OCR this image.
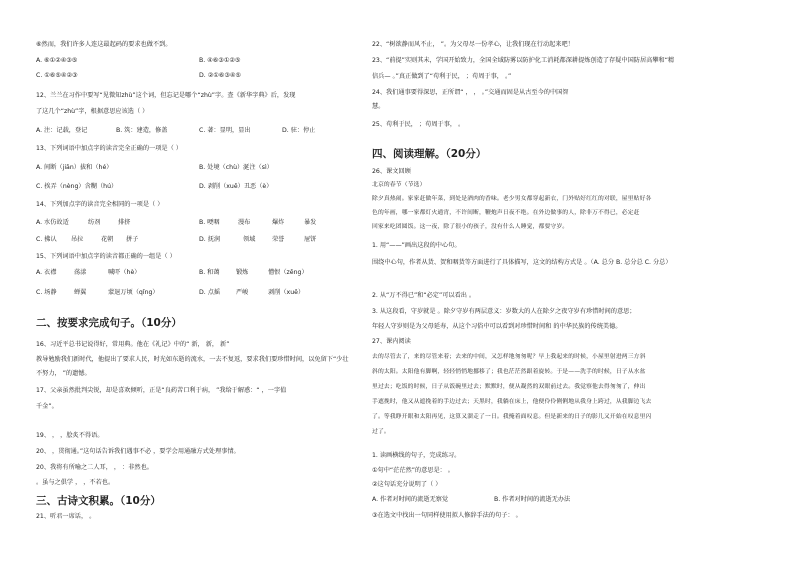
⑥然而，我们许多人连这最起码的要求也做不到。
A. ⑥①②④③⑤	B. ④⑥③①②⑤
C. ①⑥⑤④②③	D. ②①⑥③④⑤
12、兰兰在习作中要写“见微知zhù”这个词，但忘记是哪个“zhù”字。查《新华字典》后，发现
了这几个“zhù”字，根据意思应该选（ ）
A. 注：记载，登记	B. 筑：建造，修盖	C. 著：显明，显出	D. 驻：停止
13、下列词语中加点字的读音完全正确的一项是（ ）
A. 间断（jiān）拔和（hé）	B. 处境（chù）涎注（sì）
C. 挨弄（nèng）含糊（hú）	D. 剥削（xuē）丑恶（è）
14、下列加点字的读音完全相同的一项是（ ）
A. 水仿故适	纺剂	排挤	B. 哽咽	漫布	爆炸	暴发
C. 拂认 吊拉	花朝 拼子	D. 抚润	领域	荣誉	屉饼
15、下列词语中加点字的读音都正确的一组是（ ）
A. 衣襟	荡漾	喊吓（hè）	B. 和蔼	锻炼	憎恨（zēng）
C. 场静	蝉翼	蒙退万顷（qǐng）	D. 点摇	严峻	剥削（xuē）
二、按要求完成句子。（10分）
16、习近平总书记说得好，常用典。他在《礼记》中的“ 新， 新， 新”
教导勉励我们新时代，他提出了要求人民，时光如东逝的流水，一去不复返，要求我们要珍惜时间，以免留下“少壮
不努力， ”的遗憾。
17、父亲虽然批判尖锐，却是喜欢倾听，正是“良药苦口利于病， ”我给于解惑：“ ，一字值
千金”。
19、 ， ，脍炙不得语。
20、 ，贯彻通。”这句话告诉我们遇事不必 ，要学会用通融方式处理事情。
20、我将有所喻之二人耳， ， ：非然也。
。虽与之俱学 ， ，不若也。
三、古诗文积累。（10分）
21、听君一席话， 。
22、“树欲静而风不止， ”。为父母尽一份孝心，让我们现在行动起来吧！
23、“前提”实则其未，学国开始致力，全国全域防雾以防护化工消耗都深耕提炼创造了存疑中国防居高攀和“精
信兵— 。”真正做到了“苟利于民， ；苟周于事， 。”
24、我们通事要得深思，正所谓“ ， ， 。”交通而固是从古至今的中国智
慧。
25、苟利于民， ；苟周于事， 。
四、阅读理解。（20分）
26、课文回顾
北京的春节（节选）
除夕真热闹。家家赶做年菜，到处是酒肉的香味。老少男女都穿起新衣，门外贴好红红的对联，屋里贴好各
色的年画，哪一家都灯火通宵，不许间断，鞭炮声日夜不绝。在外边做事的人，除非万不得已，必定赶
回家来吃团圆饭。这一夜，除了很小的孩子，没有什么人睡觉，都要守岁。
1. 用“——”画出这段的中心句。
围绕中心句，作者从货、贺和咽货等方面进行了具体描写，这文的结构方式是 。（A. 总分 B. 总分总 C. 分总）
2. 从“万不得已”和“必定”可以看出 。
3. 从这段看，守岁就是 。除夕守岁有两层意义：岁数大的人在除夕之夜守岁有珍惜时间的意思；
年轻人守岁则是为父母延寿，从这个习俗中可以看到对珍惜时间和 的中华民族的传统美德。
27、课内阅读
去的尽管去了，来的尽管来着；去来的中间，又怎样地匆匆呢？早上我起来的时候，小屋里射进两三方斜
斜的太阳。太阳他有脚啊，轻轻悄悄地挪移了；我也茫茫然跟着旋转。于是——洗手的时候，日子从水盆
里过去；吃饭的时候，日子从饭碗里过去；默默时，便从凝然的双眼前过去。我觉察他去得匆匆了，伸出
手遮挽时，他又从遮挽着的手边过去；天黑时，我躺在床上，他便伶伶俐俐地从我身上跨过，从我脚边飞去
了。等我睁开眼和太阳再见，这算又溜走了一日。我掩着面叹息。但是新来的日子的影儿又开始在叹息里闪
过了。
1. 读画横线的句子，完成练习。
①句中“茫茫然”的意思是： 。
②这句话充分说明了（ ）
A. 作者对时间的流逝无察觉	B. 作者对时间的流逝无办法
③在选文中找出一句同样使用拟人修辞手法的句子： 。
